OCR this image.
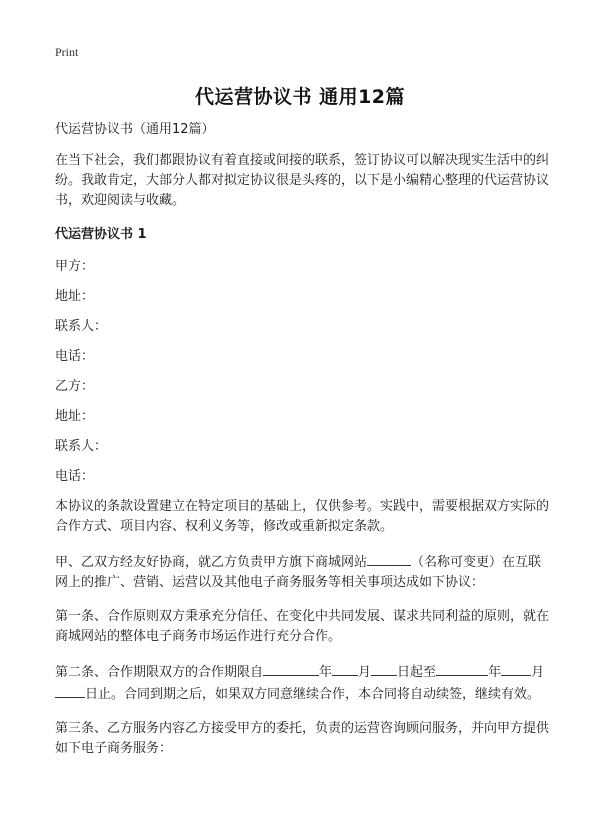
Print
代运营协议书 通用12篇

代运营协议书（通用12篇）

在当下社会，我们都跟协议有着直接或间接的联系，签订协议可以解决现实生活中的纠纷。我敢肯定，大部分人都对拟定协议很是头疼的，以下是小编精心整理的代运营协议书，欢迎阅读与收藏。

代运营协议书 1

甲方：

地址：

联系人：

电话：

乙方：

地址：

联系人：

电话：

本协议的条款设置建立在特定项目的基础上，仅供参考。实践中，需要根据双方实际的合作方式、项目内容、权利义务等，修改或重新拟定条款。

甲、乙双方经友好协商，就乙方负责甲方旗下商城网站	（名称可变更）在互联网上的推广、营销、运营以及其他电子商务服务等相关事项达成如下协议：

第一条、合作原则双方秉承充分信任、在变化中共同发展、谋求共同利益的原则，就在商城网站的整体电子商务市场运作进行充分合作。

第二条、合作期限双方的合作期限自	年 月 日起至	年 月日止。合同到期之后，如果双方同意继续合作，本合同将自动续签，继续有效。

第三条、乙方服务内容乙方接受甲方的委托，负责的运营咨询顾问服务，并向甲方提供如下电子商务服务：
